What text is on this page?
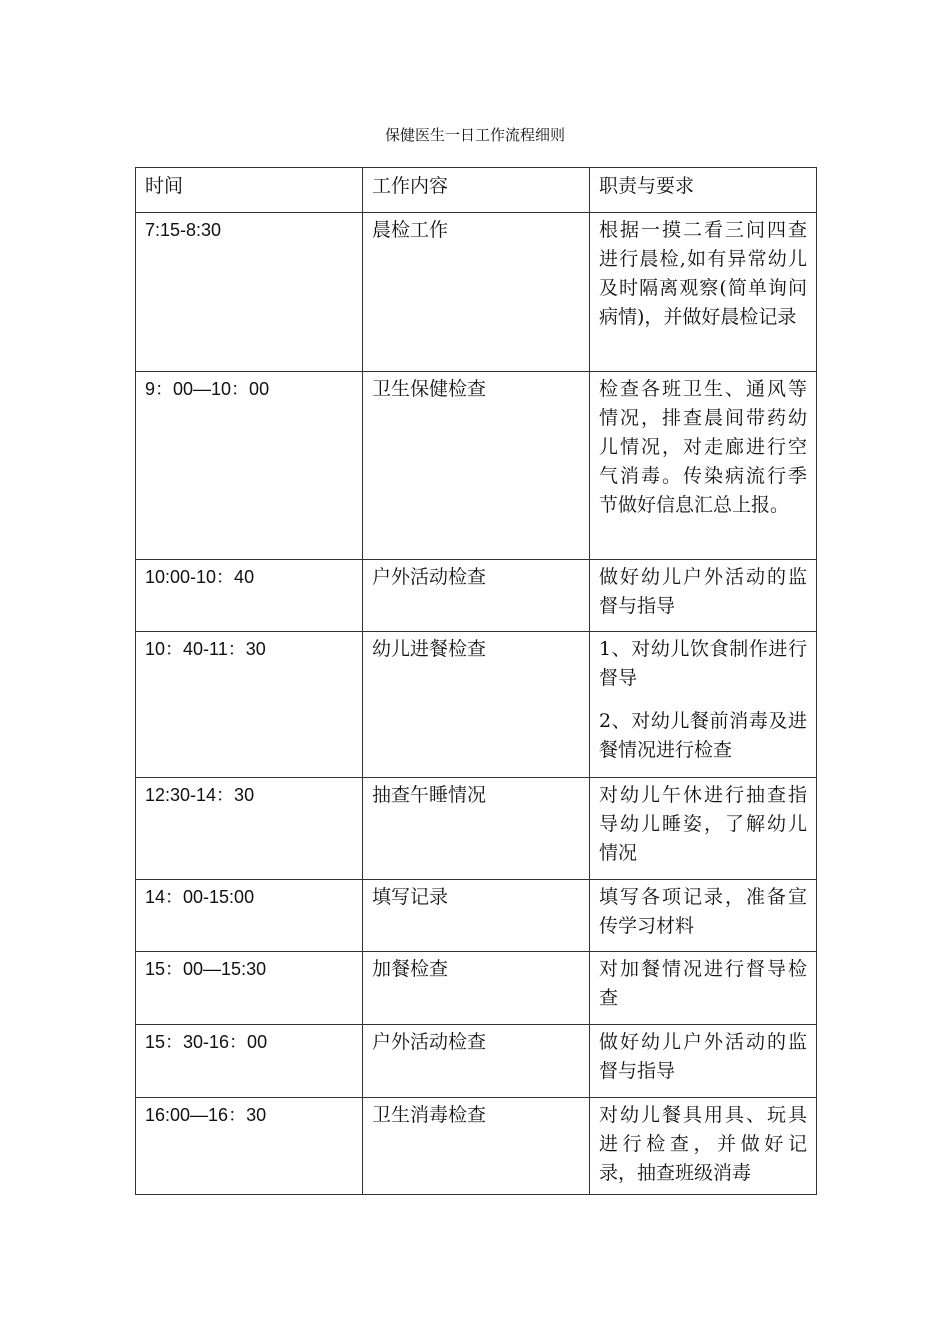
保健医生一日工作流程细则
时间	工作内容	职责与要求
7:15-8:30	晨检工作	根据一摸二看三问四查进行晨检,如有异常幼儿及时隔离观察(简单询问病情)，并做好晨检记录

9：00—10：00	卫生保健检查	检查各班卫生、通风等情况，排查晨间带药幼儿情况，对走廊进行空气消毒。传染病流行季节做好信息汇总上报。

10:00-10：40	户外活动检查	做好幼儿户外活动的监督与指导

10：40-11：30	幼儿进餐检查	1、对幼儿饮食制作进行督导

2、对幼儿餐前消毒及进餐情况进行检查

12:30-14：30	抽查午睡情况	对幼儿午休进行抽查指导幼儿睡姿，了解幼儿情况

14：00-15:00	填写记录	填写各项记录，准备宣传学习材料

15：00—15:30	加餐检查	对加餐情况进行督导检查

15：30-16：00	户外活动检查	做好幼儿户外活动的监督与指导

16:00—16：30	卫生消毒检查	对幼儿餐具用具、玩具进行检查，并做好记录，抽查班级消毒
